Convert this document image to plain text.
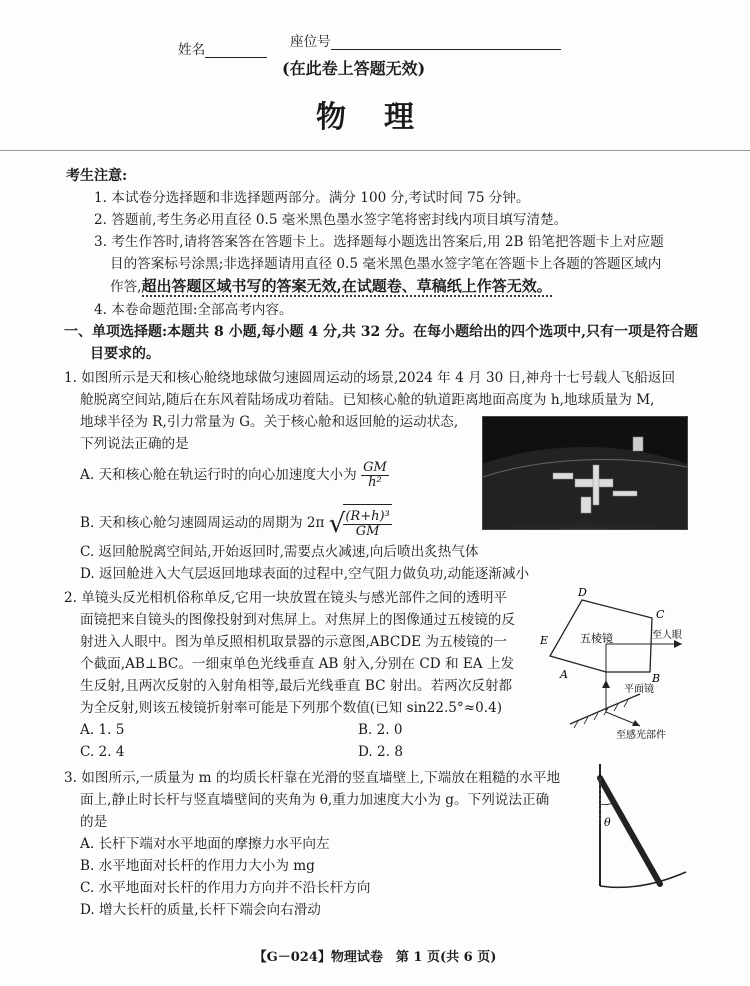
姓名	座位号
(在此卷上答题无效)
物　理
考生注意:
1. 本试卷分选择题和非选择题两部分。满分 100 分,考试时间 75 分钟。
2. 答题前,考生务必用直径 0.5 毫米黑色墨水签字笔将密封线内项目填写清楚。
3. 考生作答时,请将答案答在答题卡上。选择题每小题选出答案后,用 2B 铅笔把答题卡上对应题
目的答案标号涂黑;非选择题请用直径 0.5 毫米黑色墨水签字笔在答题卡上各题的答题区域内
作答,超出答题区域书写的答案无效,在试题卷、草稿纸上作答无效。
4. 本卷命题范围:全部高考内容。
一、单项选择题:本题共 8 小题,每小题 4 分,共 32 分。在每小题给出的四个选项中,只有一项是符合题
目要求的。
1. 如图所示是天和核心舱绕地球做匀速圆周运动的场景,2024 年 4 月 30 日,神舟十七号载人飞船返回
舱脱离空间站,随后在东风着陆场成功着陆。已知核心舱的轨道距离地面高度为 h,地球质量为 M,
地球半径为 R,引力常量为 G。关于核心舱和返回舱的运动状态,
下列说法正确的是
A. 天和核心舱在轨运行时的向心加速度大小为 $\frac{GM}{\text{h²}}$
B. 天和核心舱匀速圆周运动的周期为 2π √
$\frac{\text{(R+h)³}}{GM}$
C. 返回舱脱离空间站,开始返回时,需要点火减速,向后喷出炙热气体
D. 返回舱进入大气层返回地球表面的过程中,空气阻力做负功,动能逐渐减小
2. 单镜头反光相机俗称单反,它用一块放置在镜头与感光部件之间的透明平
面镜把来自镜头的图像投射到对焦屏上。对焦屏上的图像通过五棱镜的反
射进入人眼中。图为单反照相机取景器的示意图,ABCDE 为五棱镜的一
个截面,AB⊥BC。一细束单色光线垂直 AB 射入,分别在 CD 和 EA 上发
生反射,且两次反射的入射角相等,最后光线垂直 BC 射出。若两次反射都
为全反射,则该五棱镜折射率可能是下列那个数值(已知 sin22.5°≈0.4)
A. 1. 5	B. 2. 0
C. 2. 4	D. 2. 8
D
C
E
B
A
五棱镜	至人眼
平面镜
至感光部件
3. 如图所示,一质量为 m 的均质长杆靠在光滑的竖直墙壁上,下端放在粗糙的水平地
面上,静止时长杆与竖直墙壁间的夹角为 θ,重力加速度大小为 g。下列说法正确
的是
A. 长杆下端对水平地面的摩擦力水平向左
B. 水平地面对长杆的作用力大小为 mg
C. 水平地面对长杆的作用力方向并不沿长杆方向
D. 增大长杆的质量,长杆下端会向右滑动
θ
【G－024】物理试卷　第 1 页(共 6 页)
